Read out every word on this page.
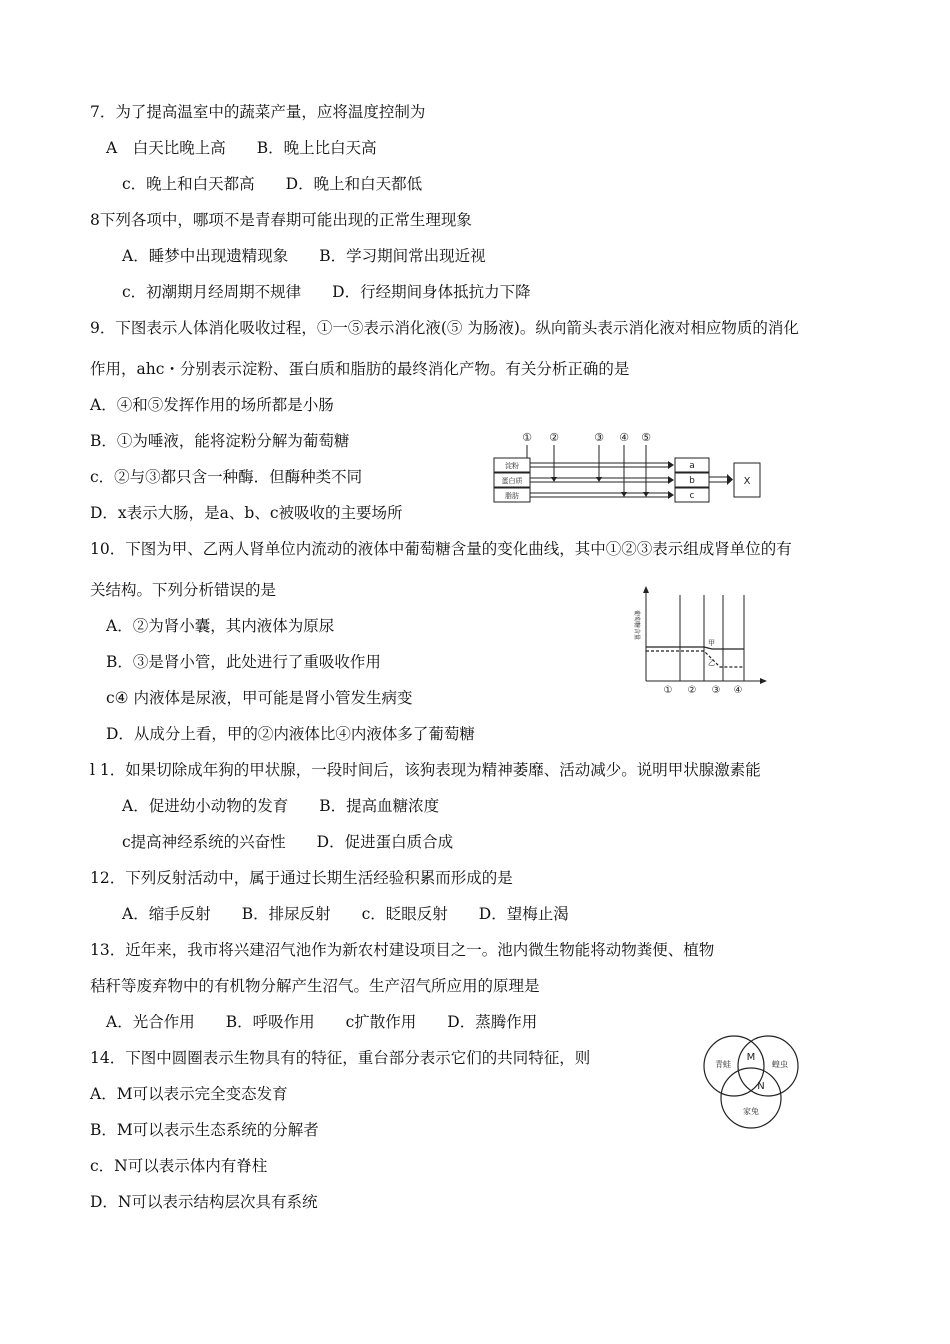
7．为了提高温室中的蔬菜产量，应将温度控制为
A　白天比晚上高　　B．晚上比白天高
c．晚上和白天都高　　D．晚上和白天都低
8下列各项中，哪项不是青春期可能出现的正常生理现象
A．睡梦中出现遗精现象　　B．学习期间常出现近视
c．初潮期月经周期不规律　　D．行经期间身体抵抗力下降
9．下图表示人体消化吸收过程，①一⑤表示消化液(⑤ 为肠液)。纵向箭头表示消化液对相应物质的消化
作用，ahc・分别表示淀粉、蛋白质和脂肪的最终消化产物。有关分析正确的是
A．④和⑤发挥作用的场所都是小肠
B．①为唾液，能将淀粉分解为葡萄糖
c．②与③都只含一种酶．但酶种类不同
D．x表示大肠，是a、b、c被吸收的主要场所
① ②	③ ④ ⑤
淀粉
蛋白质
脂肪
a
b
c
X
10．下图为甲、乙两人肾单位内流动的液体中葡萄糖含量的变化曲线，其中①②③表示组成肾单位的有
关结构。下列分析错误的是
A．②为肾小囊，其内液体为原尿
B．③是肾小管，此处进行了重吸收作用
c④ 内液体是尿液，甲可能是肾小管发生病变
D．从成分上看，甲的②内液体比④内液体多了葡萄糖
葡萄糖含量
甲
乙
① ② ③ ④
l 1．如果切除成年狗的甲状腺，一段时间后，该狗表现为精神萎靡、活动减少。说明甲状腺激素能
A．促进幼小动物的发育　　B．提高血糖浓度
c提高神经系统的兴奋性　　D．促进蛋白质合成
12．下列反射活动中，属于通过长期生活经验积累而形成的是
A．缩手反射　　B．排尿反射　　c．眨眼反射　　D．望梅止渴
13．近年来，我市将兴建沼气池作为新农村建设项目之一。池内微生物能将动物粪便、植物
秸秆等废弃物中的有机物分解产生沼气。生产沼气所应用的原理是
A．光合作用　　B．呼吸作用　　c扩散作用　　D．蒸腾作用
14．下图中圆圈表示生物具有的特征，重台部分表示它们的共同特征，则
A．M可以表示完全变态发育
B．M可以表示生态系统的分解者
c．N可以表示体内有脊柱
D．N可以表示结构层次具有系统
青蛙	蝗虫
家兔
M
N
